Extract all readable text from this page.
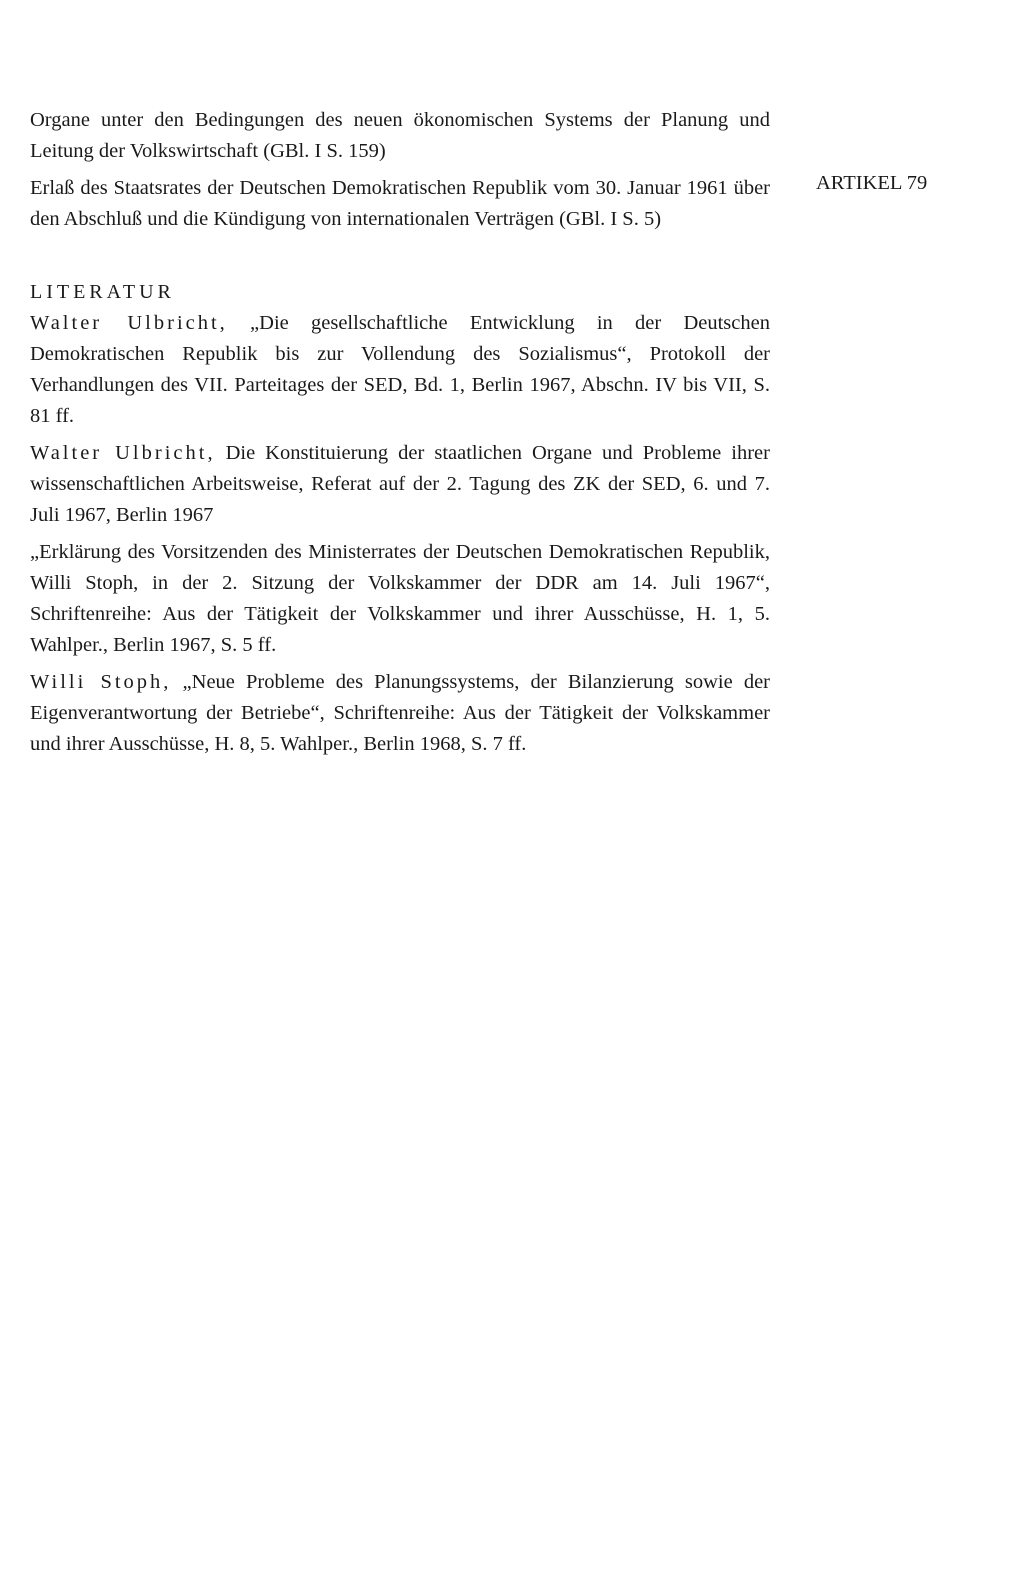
Organe unter den Bedingungen des neuen ökonomischen Systems der Planung und Leitung der Volkswirtschaft (GBl. I S. 159)

Erlaß des Staatsrates der Deutschen Demokratischen Republik vom 30. Januar 1961 über den Abschluß und die Kündigung von internationalen Verträgen (GBl. I S. 5)

LITERATUR

Walter Ulbricht, „Die gesellschaftliche Entwicklung in der Deutschen Demokratischen Republik bis zur Vollendung des Sozialismus“, Protokoll der Verhandlungen des VII. Parteitages der SED, Bd. 1, Berlin 1967, Abschn. IV bis VII, S. 81 ff.

Walter Ulbricht, Die Konstituierung der staatlichen Organe und Probleme ihrer wissenschaftlichen Arbeitsweise, Referat auf der 2. Tagung des ZK der SED, 6. und 7. Juli 1967, Berlin 1967

„Erklärung des Vorsitzenden des Ministerrates der Deutschen Demokratischen Republik, Willi Stoph, in der 2. Sitzung der Volkskammer der DDR am 14. Juli 1967“, Schriftenreihe: Aus der Tätigkeit der Volkskammer und ihrer Ausschüsse, H. 1, 5. Wahlper., Berlin 1967, S. 5 ff.

Willi Stoph, „Neue Probleme des Planungssystems, der Bilanzierung sowie der Eigenverantwortung der Betriebe“, Schriftenreihe: Aus der Tätigkeit der Volkskammer und ihrer Ausschüsse, H. 8, 5. Wahlper., Berlin 1968, S. 7 ff.

ARTIKEL 79
